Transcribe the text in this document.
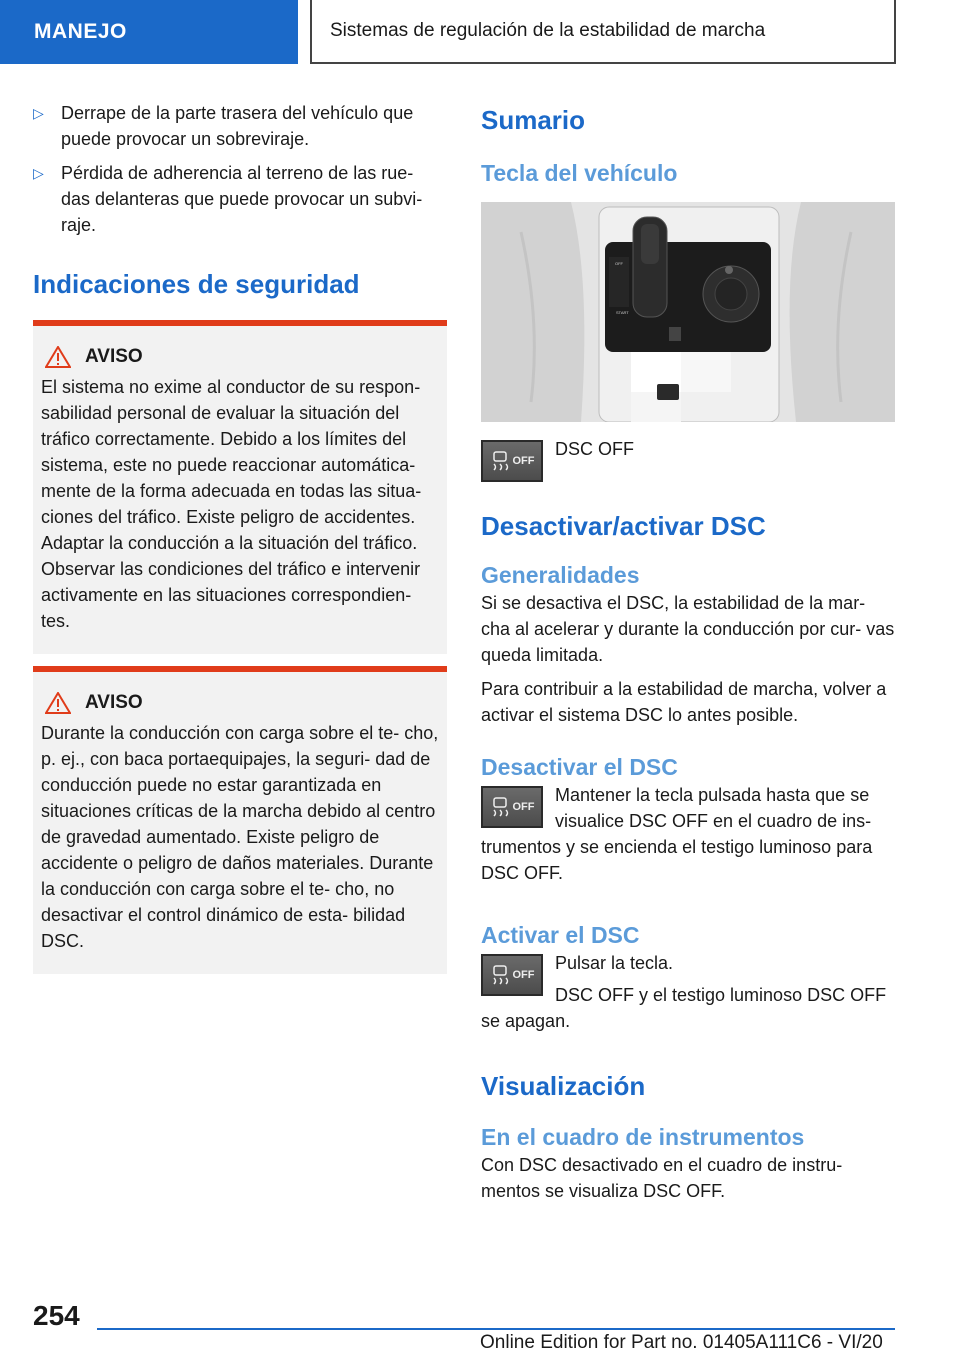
MANEJO	Sistemas de regulación de la estabilidad de marcha
▷ Derrape de la parte trasera del vehículo que puede provocar un sobreviraje.

▷ Pérdida de adherencia al terreno de las rue- das delanteras que puede provocar un subvi- raje.

Indicaciones de seguridad
AVISO

El sistema no exime al conductor de su respon- sabilidad personal de evaluar la situación del tráfico correctamente. Debido a los límites del sistema, este no puede reaccionar automática- mente de la forma adecuada en todas las situa- ciones del tráfico. Existe peligro de accidentes. Adaptar la conducción a la situación del tráfico. Observar las condiciones del tráfico e intervenir activamente en las situaciones correspondien- tes.

AVISO

Durante la conducción con carga sobre el te- cho, p. ej., con baca portaequipajes, la seguri- dad de conducción puede no estar garantizada en situaciones críticas de la marcha debido al centro de gravedad aumentado. Existe peligro de accidente o peligro de daños materiales. Durante la conducción con carga sobre el te- cho, no desactivar el control dinámico de esta- bilidad DSC.

Sumario
Tecla del vehículo
OFF
START
OFF

DSC OFF

Desactivar/activar DSC
Generalidades

Si se desactiva el DSC, la estabilidad de la mar- cha al acelerar y durante la conducción por cur- vas queda limitada.

Para contribuir a la estabilidad de marcha, volver a activar el sistema DSC lo antes posible.

Desactivar el DSC
OFF

Mantener la tecla pulsada hasta que se visualice DSC OFF en el cuadro de ins- trumentos y se encienda el testigo luminoso para DSC OFF.

Activar el DSC
OFF

Pulsar la tecla.

DSC OFF y el testigo luminoso DSC OFF se apagan.

Visualización
En el cuadro de instrumentos

Con DSC desactivado en el cuadro de instru- mentos se visualiza DSC OFF.

254
Online Edition for Part no. 01405A111C6 - VI/20
